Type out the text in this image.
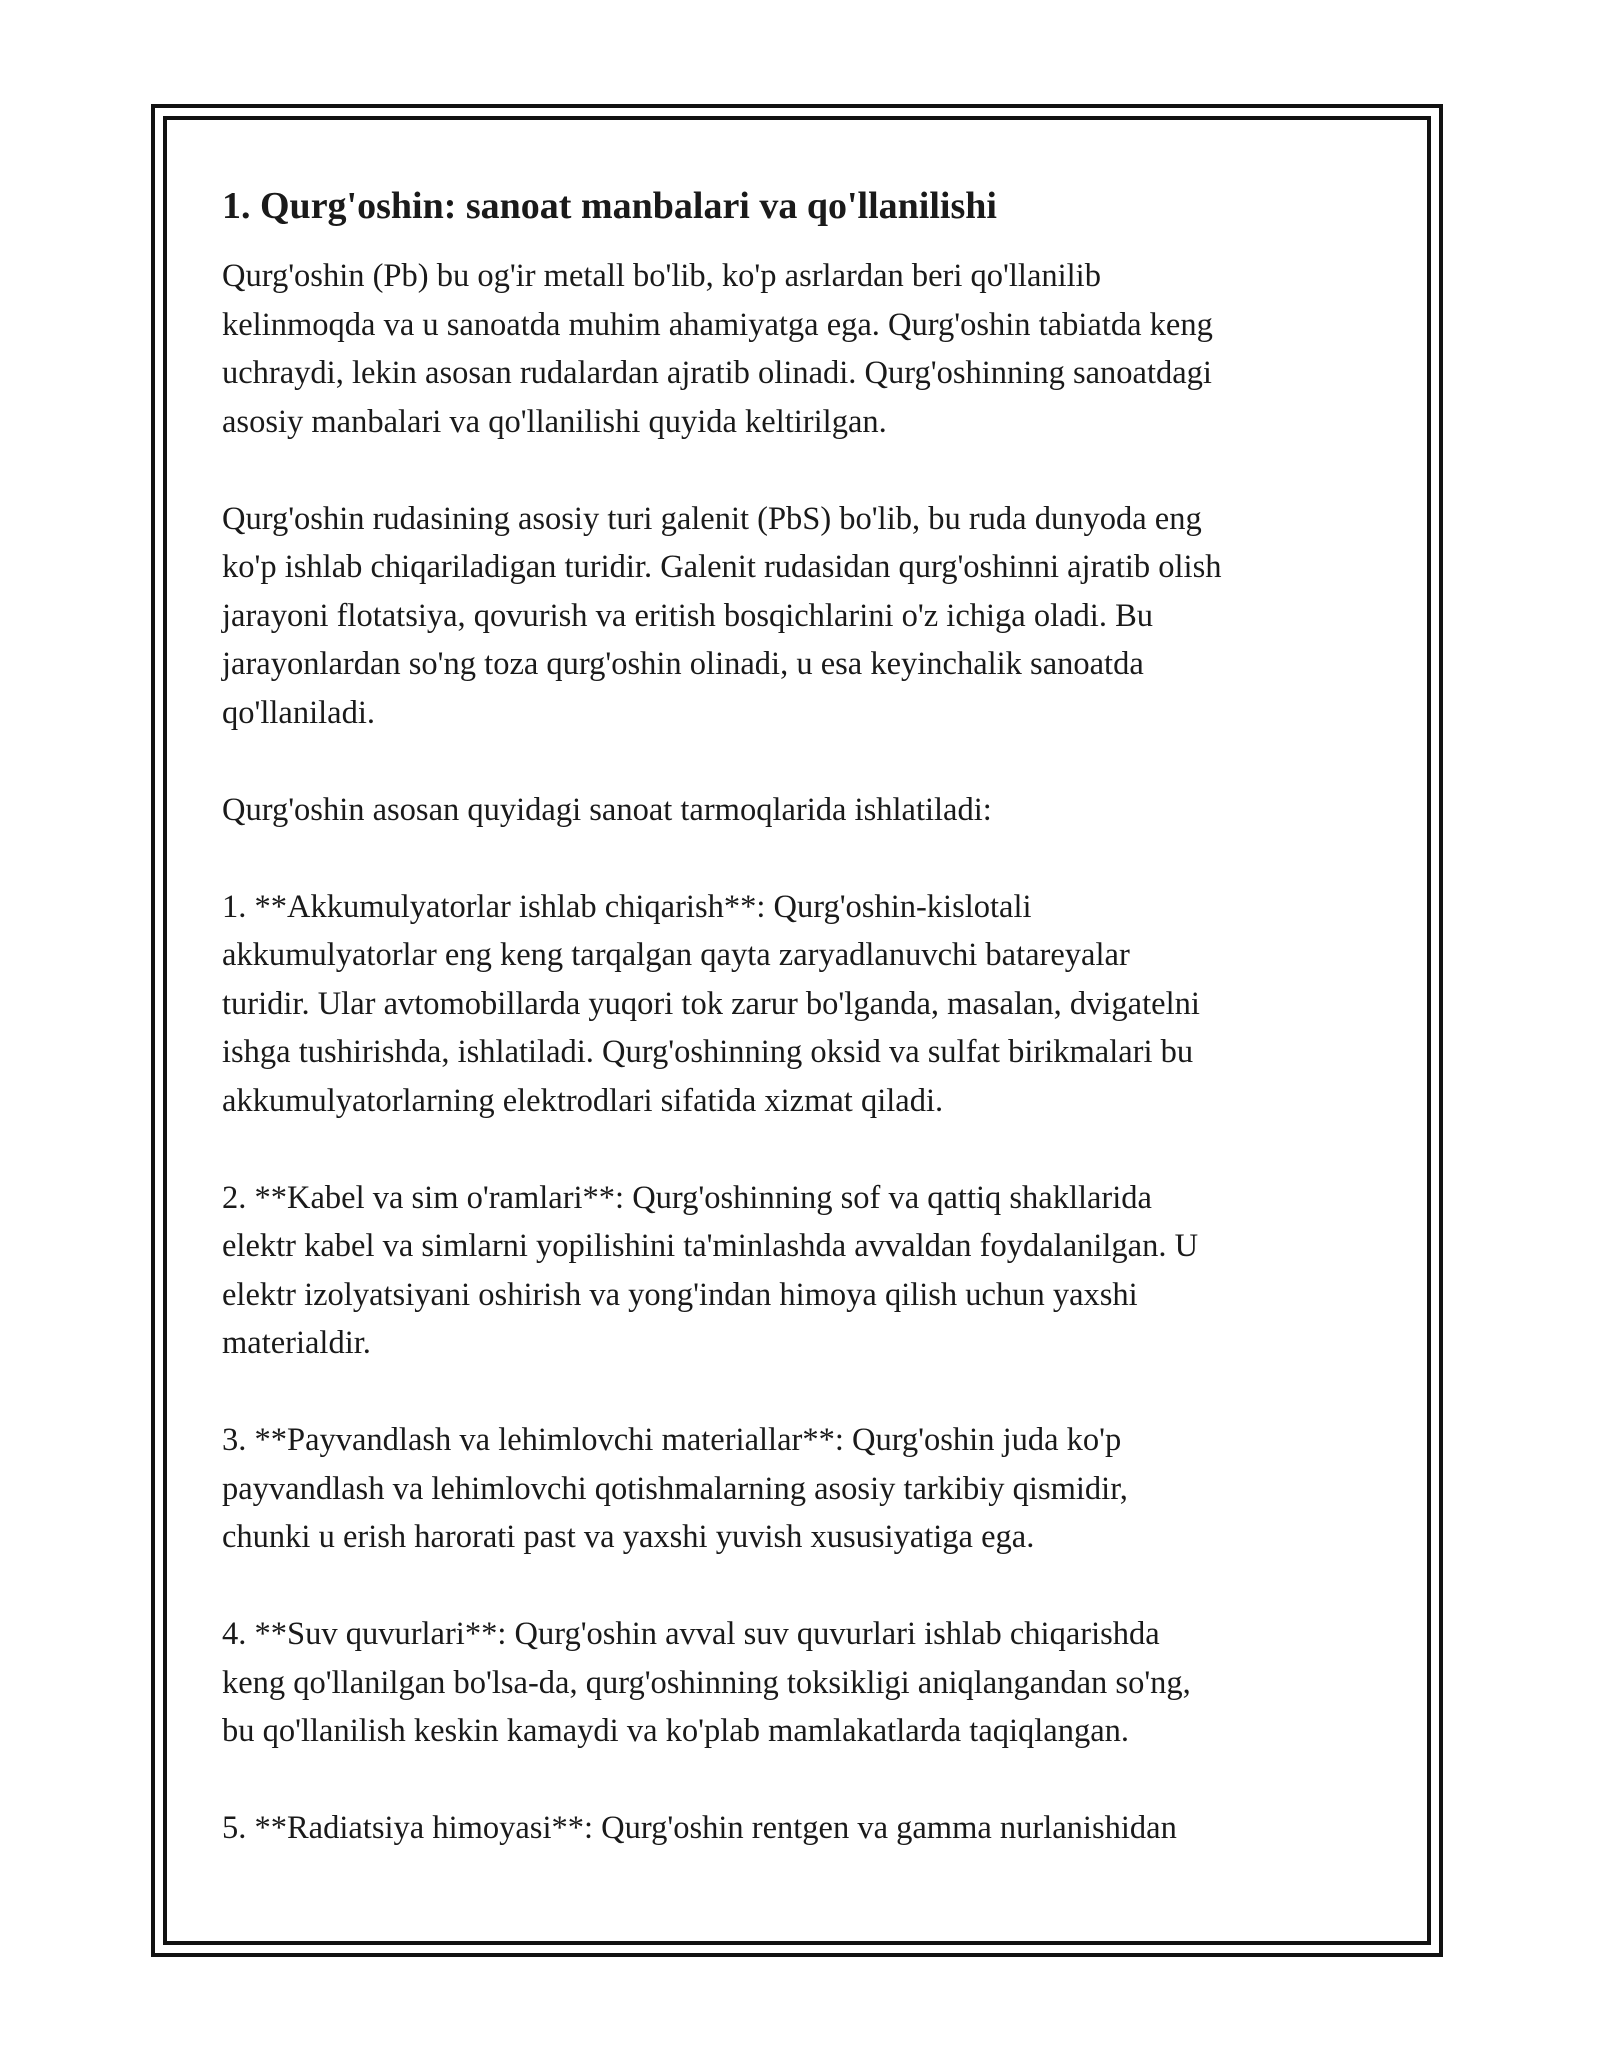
1. Qurg'oshin: sanoat manbalari va qo'llanilishi

Qurg'oshin (Pb) bu og'ir metall bo'lib, ko'p asrlardan beri qo'llanilib
kelinmoqda va u sanoatda muhim ahamiyatga ega. Qurg'oshin tabiatda keng
uchraydi, lekin asosan rudalardan ajratib olinadi. Qurg'oshinning sanoatdagi
asosiy manbalari va qo'llanilishi quyida keltirilgan.

Qurg'oshin rudasining asosiy turi galenit (PbS) bo'lib, bu ruda dunyoda eng
ko'p ishlab chiqariladigan turidir. Galenit rudasidan qurg'oshinni ajratib olish
jarayoni flotatsiya, qovurish va eritish bosqichlarini o'z ichiga oladi. Bu
jarayonlardan so'ng toza qurg'oshin olinadi, u esa keyinchalik sanoatda
qo'llaniladi.

Qurg'oshin asosan quyidagi sanoat tarmoqlarida ishlatiladi:

1. **Akkumulyatorlar ishlab chiqarish**: Qurg'oshin-kislotali
akkumulyatorlar eng keng tarqalgan qayta zaryadlanuvchi batareyalar
turidir. Ular avtomobillarda yuqori tok zarur bo'lganda, masalan, dvigatelni
ishga tushirishda, ishlatiladi. Qurg'oshinning oksid va sulfat birikmalari bu
akkumulyatorlarning elektrodlari sifatida xizmat qiladi.

2. **Kabel va sim o'ramlari**: Qurg'oshinning sof va qattiq shakllarida
elektr kabel va simlarni yopilishini ta'minlashda avvaldan foydalanilgan. U
elektr izolyatsiyani oshirish va yong'indan himoya qilish uchun yaxshi
materialdir.

3. **Payvandlash va lehimlovchi materiallar**: Qurg'oshin juda ko'p
payvandlash va lehimlovchi qotishmalarning asosiy tarkibiy qismidir,
chunki u erish harorati past va yaxshi yuvish xususiyatiga ega.

4. **Suv quvurlari**: Qurg'oshin avval suv quvurlari ishlab chiqarishda
keng qo'llanilgan bo'lsa-da, qurg'oshinning toksikligi aniqlangandan so'ng,
bu qo'llanilish keskin kamaydi va ko'plab mamlakatlarda taqiqlangan.

5. **Radiatsiya himoyasi**: Qurg'oshin rentgen va gamma nurlanishidan
